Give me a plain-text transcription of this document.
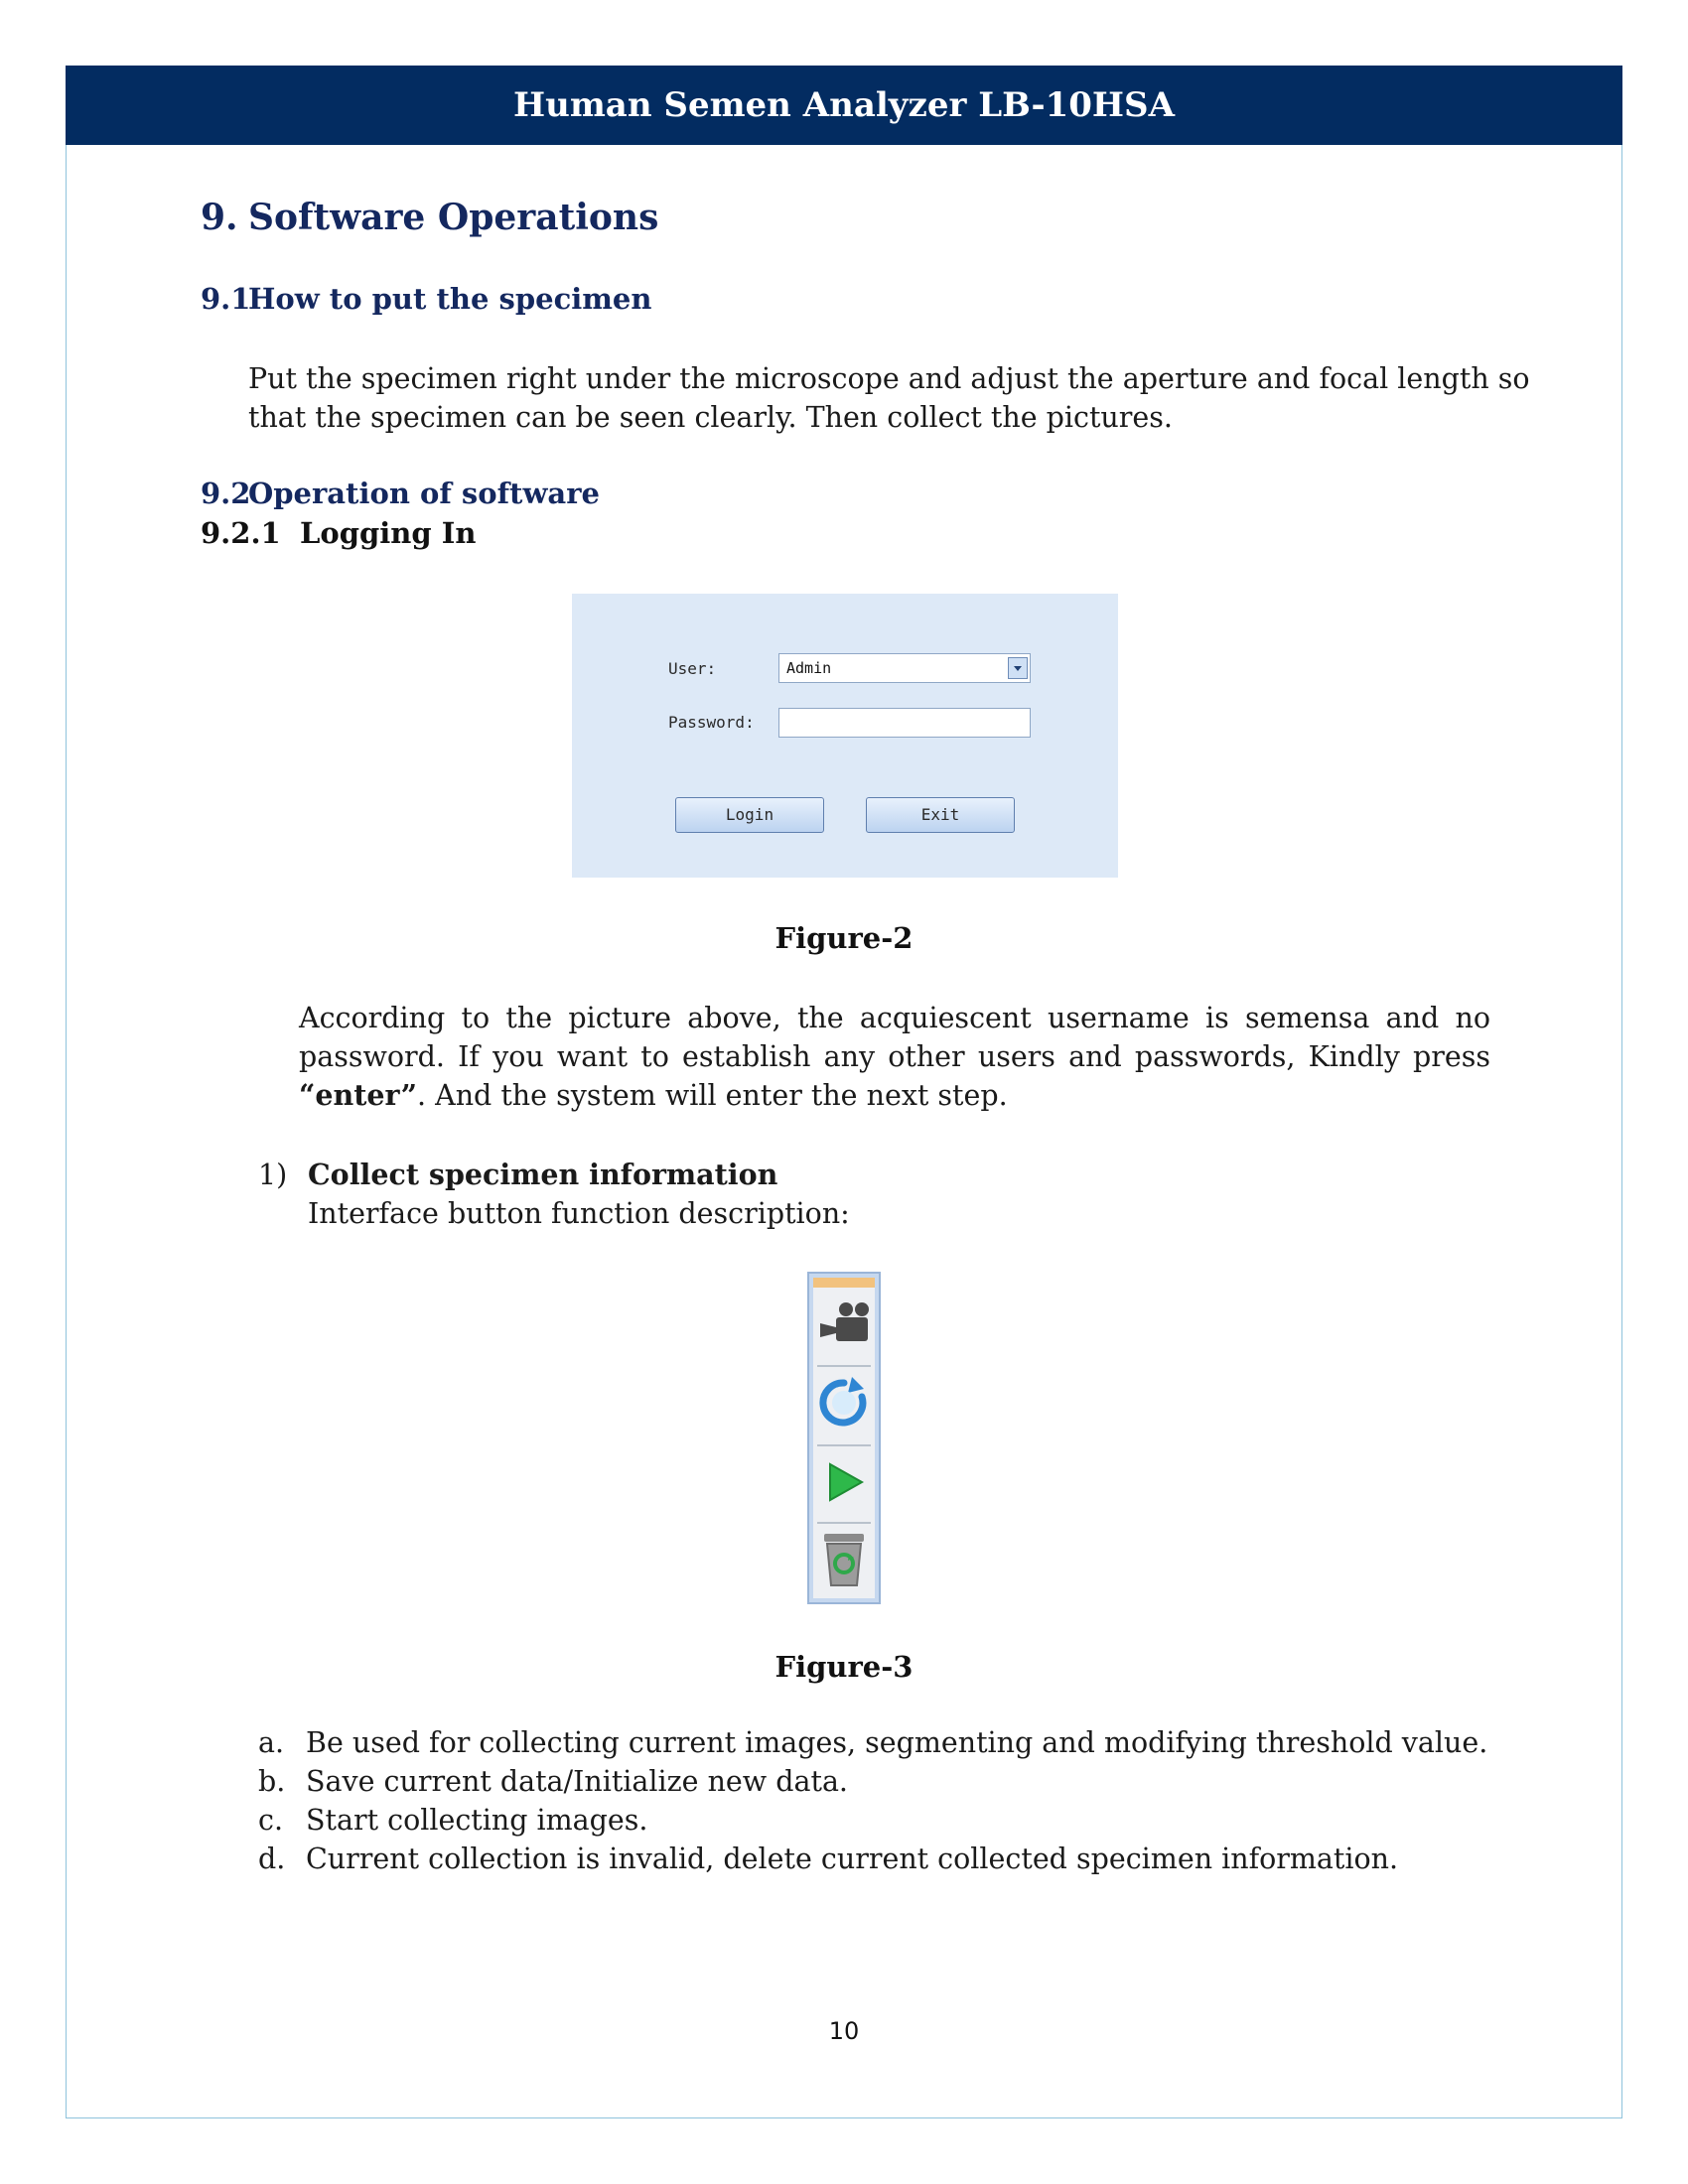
Human Semen Analyzer LB-10HSA
9. Software Operations
9.1How to put the specimen
Put the specimen right under the microscope and adjust the aperture and focal length so
that the specimen can be seen clearly. Then collect the pictures.
9.2Operation of software
9.2.1 Logging In
User:	Admin
Password:
Login	Exit
Figure-2
According to the picture above, the acquiescent username is semensa and no
password. If you want to establish any other users and passwords, Kindly press
“enter”. And the system will enter the next step.
1) Collect specimen information
Interface button function description:
Figure-3
a. Be used for collecting current images, segmenting and modifying threshold value.
b. Save current data/Initialize new data.
c. Start collecting images.
d. Current collection is invalid, delete current collected specimen information.
10
